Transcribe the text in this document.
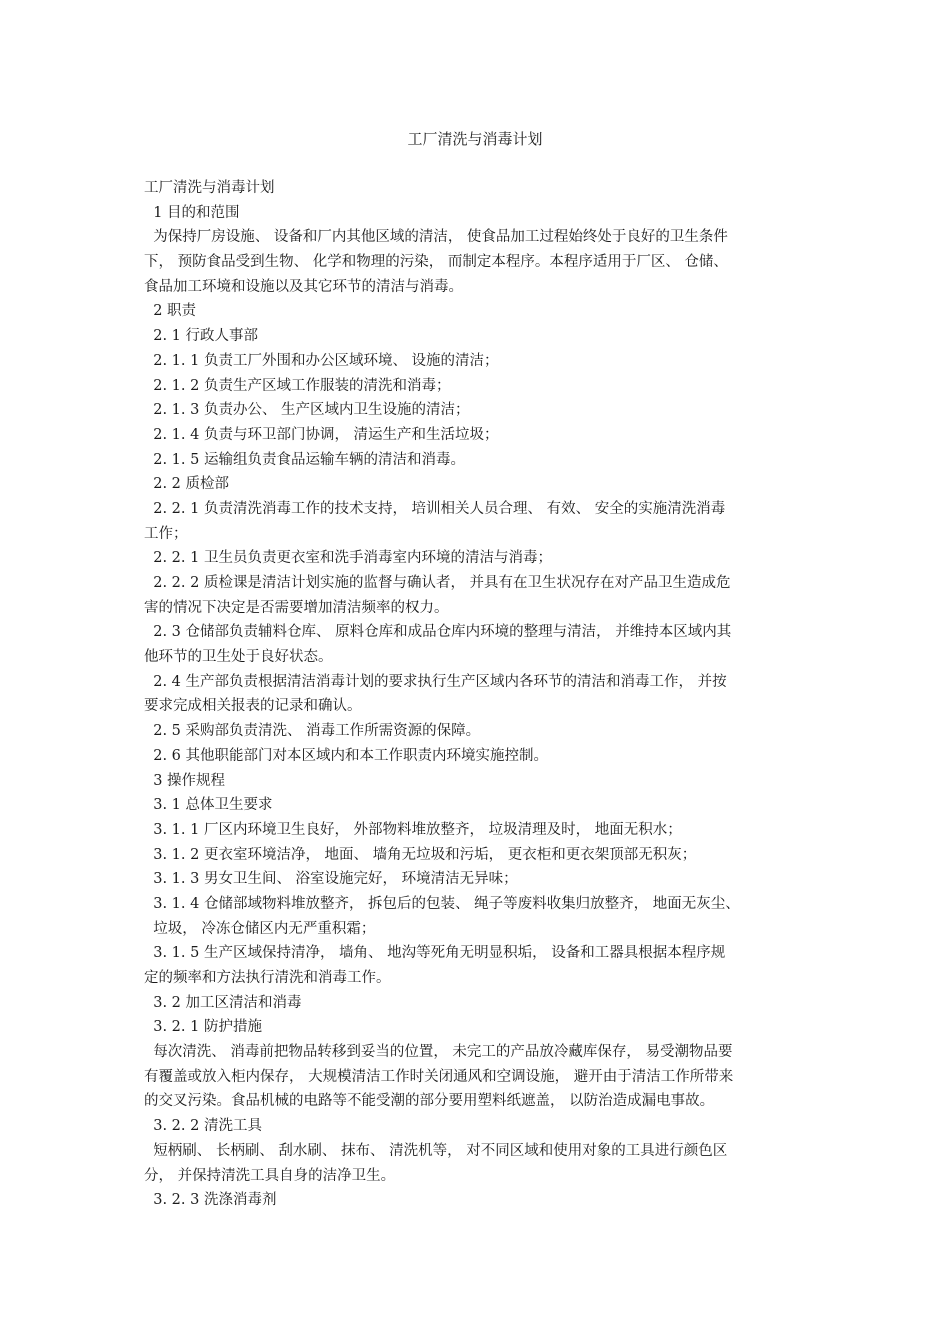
工厂清洗与消毒计划
工厂清洗与消毒计划
1 目的和范围
为保持厂房设施、 设备和厂内其他区域的清洁， 使食品加工过程始终处于良好的卫生条件
下， 预防食品受到生物、 化学和物理的污染， 而制定本程序。本程序适用于厂区、 仓储、
食品加工环境和设施以及其它环节的清洁与消毒。
2 职责
2. 1 行政人事部
2. 1. 1 负责工厂外围和办公区域环境、 设施的清洁；
2. 1. 2 负责生产区域工作服装的清洗和消毒；
2. 1. 3 负责办公、 生产区域内卫生设施的清洁；
2. 1. 4 负责与环卫部门协调， 清运生产和生活垃圾；
2. 1. 5 运输组负责食品运输车辆的清洁和消毒。
2. 2 质检部
2. 2. 1 负责清洗消毒工作的技术支持， 培训相关人员合理、 有效、 安全的实施清洗消毒
工作；
2. 2. 1 卫生员负责更衣室和洗手消毒室内环境的清洁与消毒；
2. 2. 2 质检课是清洁计划实施的监督与确认者， 并具有在卫生状况存在对产品卫生造成危
害的情况下决定是否需要增加清洁频率的权力。
2. 3 仓储部负责辅料仓库、 原料仓库和成品仓库内环境的整理与清洁， 并维持本区域内其
他环节的卫生处于良好状态。
2. 4 生产部负责根据清洁消毒计划的要求执行生产区域内各环节的清洁和消毒工作， 并按
要求完成相关报表的记录和确认。
2. 5 采购部负责清洗、 消毒工作所需资源的保障。
2. 6 其他职能部门对本区域内和本工作职责内环境实施控制。
3 操作规程
3. 1 总体卫生要求
3. 1. 1 厂区内环境卫生良好， 外部物料堆放整齐， 垃圾清理及时， 地面无积水；
3. 1. 2 更衣室环境洁净， 地面、 墙角无垃圾和污垢， 更衣柜和更衣架顶部无积灰；
3. 1. 3 男女卫生间、 浴室设施完好， 环境清洁无异味；
3. 1. 4 仓储部域物料堆放整齐， 拆包后的包装、 绳子等废料收集归放整齐， 地面无灰尘、
垃圾， 冷冻仓储区内无严重积霜；
3. 1. 5 生产区域保持清净， 墙角、 地沟等死角无明显积垢， 设备和工器具根据本程序规
定的频率和方法执行清洗和消毒工作。
3. 2 加工区清洁和消毒
3. 2. 1 防护措施
每次清洗、 消毒前把物品转移到妥当的位置， 未完工的产品放冷藏库保存， 易受潮物品要
有覆盖或放入柜内保存， 大规模清洁工作时关闭通风和空调设施， 避开由于清洁工作所带来
的交叉污染。食品机械的电路等不能受潮的部分要用塑料纸遮盖， 以防治造成漏电事故。
3. 2. 2 清洗工具
短柄刷、 长柄刷、 刮水刷、 抹布、 清洗机等， 对不同区域和使用对象的工具进行颜色区
分， 并保持清洗工具自身的洁净卫生。
3. 2. 3 洗涤消毒剂
